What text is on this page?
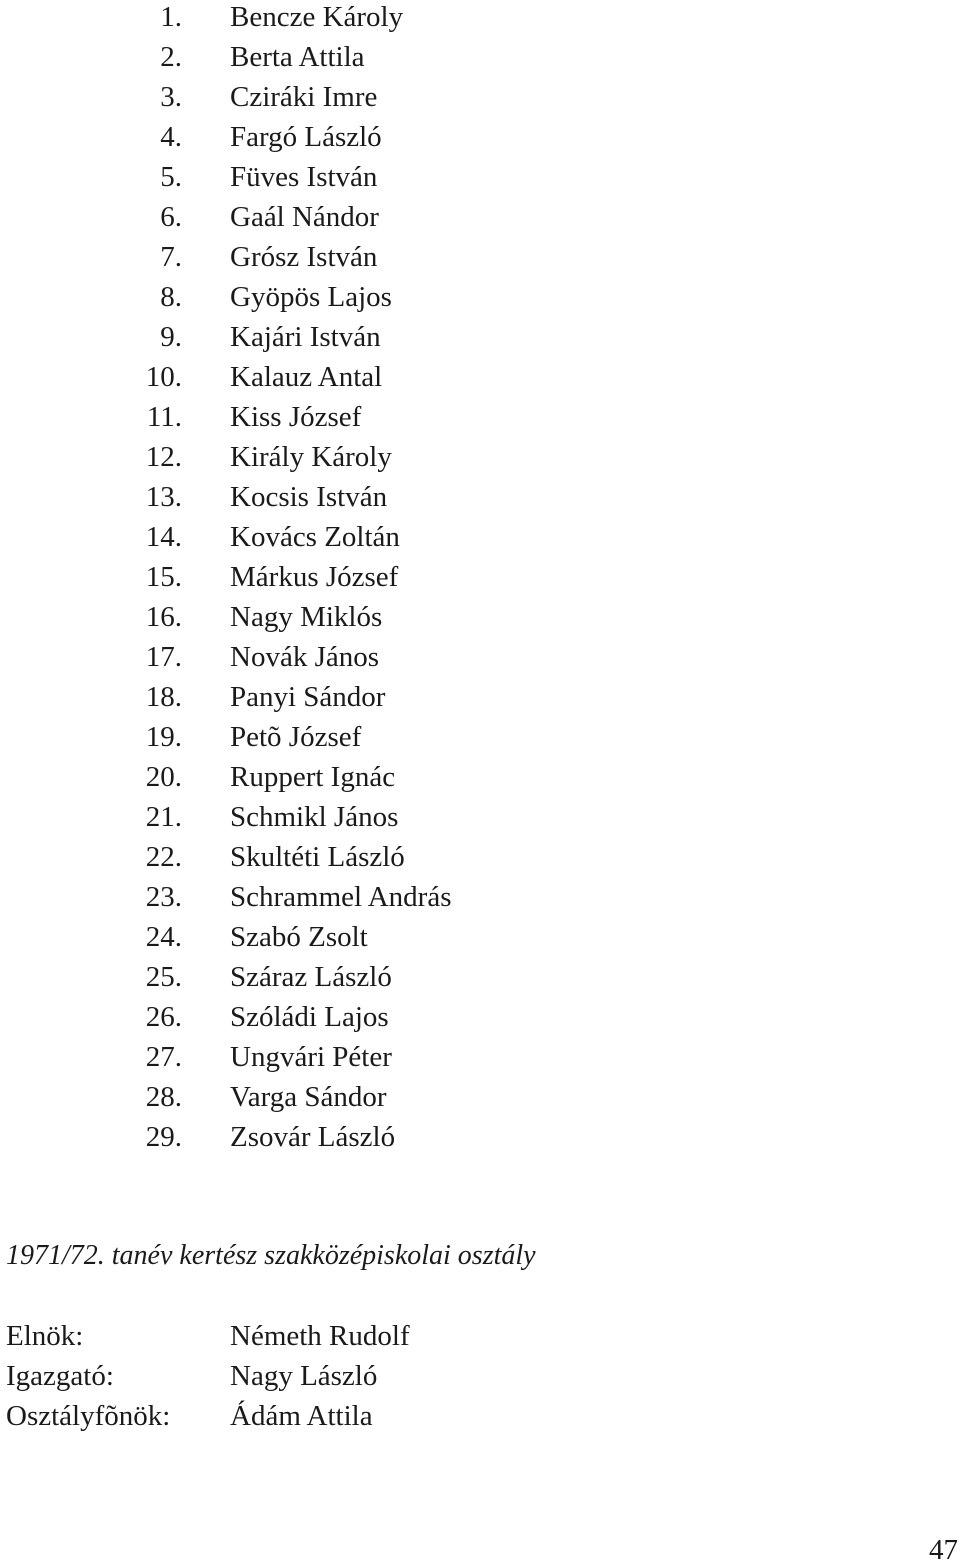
1. Bencze Károly
2. Berta Attila
3. Cziráki Imre
4. Fargó László
5. Füves István
6. Gaál Nándor
7. Grósz István
8. Gyöpös Lajos
9. Kajári István
10. Kalauz Antal
11. Kiss József
12. Király Károly
13. Kocsis István
14. Kovács Zoltán
15. Márkus József
16. Nagy Miklós
17. Novák János
18. Panyi Sándor
19. Petõ József
20. Ruppert Ignác
21. Schmikl János
22. Skultéti László
23. Schrammel András
24. Szabó Zsolt
25. Száraz László
26. Szóládi Lajos
27. Ungvári Péter
28. Varga Sándor
29. Zsovár László
1971/72. tanév kertész szakközépiskolai osztály
Elnök:	Németh Rudolf
Igazgató:	Nagy László
Osztályfõnök: Ádám Attila
47
